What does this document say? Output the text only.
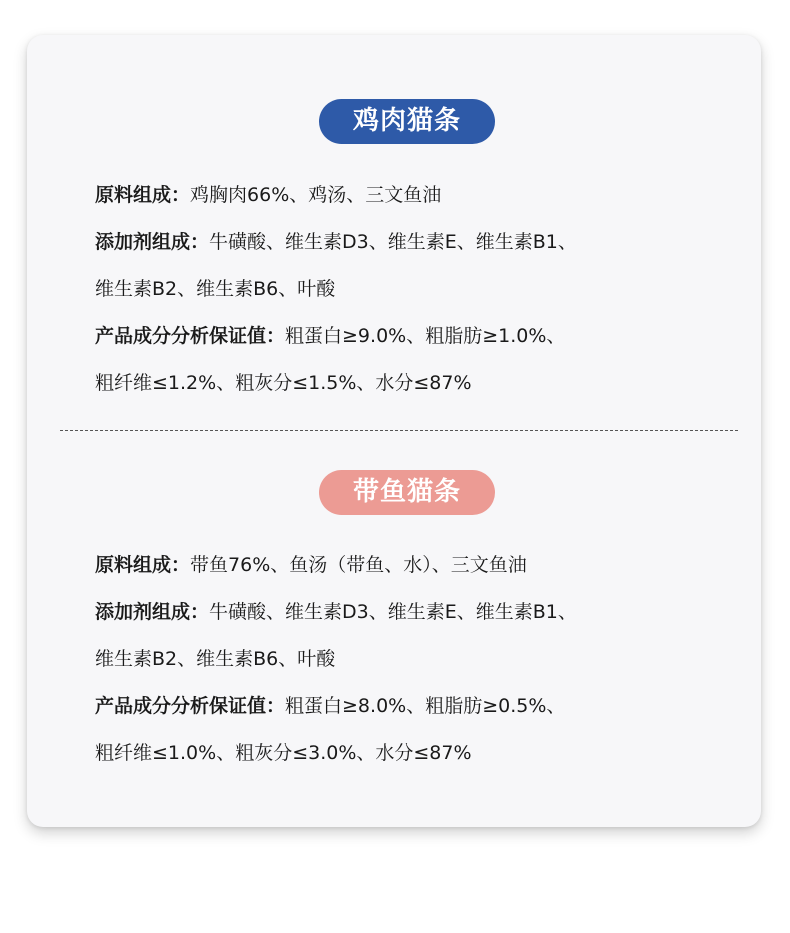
鸡肉猫条
原料组成：鸡胸肉66%、鸡汤、三文鱼油
添加剂组成：牛磺酸、维生素D3、维生素E、维生素B1、
维生素B2、维生素B6、叶酸
产品成分分析保证值：粗蛋白≥9.0%、粗脂肪≥1.0%、
粗纤维≤1.2%、粗灰分≤1.5%、水分≤87%
带鱼猫条
原料组成：带鱼76%、鱼汤（带鱼、水）、三文鱼油
添加剂组成：牛磺酸、维生素D3、维生素E、维生素B1、
维生素B2、维生素B6、叶酸
产品成分分析保证值：粗蛋白≥8.0%、粗脂肪≥0.5%、
粗纤维≤1.0%、粗灰分≤3.0%、水分≤87%
